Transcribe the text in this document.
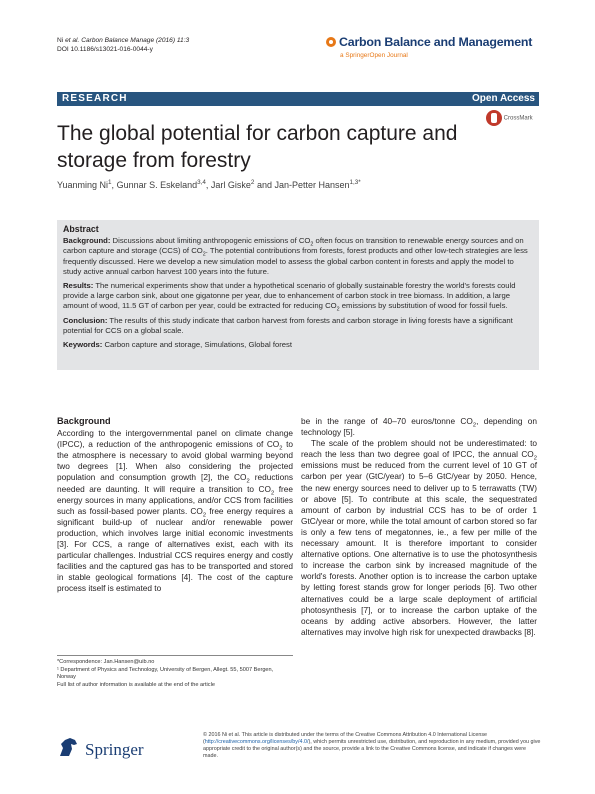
Ni et al. Carbon Balance Manage (2016) 11:3
DOI 10.1186/s13021-016-0044-y
Carbon Balance and Management
a SpringerOpen Journal
RESEARCH	Open Access
CrossMark
The global potential for carbon capture and storage from forestry
Yuanming Ni$^1$, Gunnar S. Eskeland$^{3,4}$, Jarl Giske$^2$ and Jan‑Petter Hansen$^{1,3*}$
Abstract

Background: Discussions about limiting anthropogenic emissions of $CO_2$ often focus on transition to renewable energy sources and on carbon capture and storage (CCS) of $CO_2$. The potential contributions from forests, forest products and other low-tech strategies are less frequently discussed. Here we develop a new simulation model to assess the global carbon content in forests and apply the model to study active annual carbon harvest 100 years into the future.

Results: The numerical experiments show that under a hypothetical scenario of globally sustainable forestry the world's forests could provide a large carbon sink, about one gigatonne per year, due to enhancement of carbon stock in tree biomass. In addition, a large amount of wood, 11.5 GT of carbon per year, could be extracted for reducing $CO_2$ emissions by substitution of wood for fossil fuels.

Conclusion: The results of this study indicate that carbon harvest from forests and carbon storage in living forests have a significant potential for CCS on a global scale.

Keywords: Carbon capture and storage, Simulations, Global forest

Background

According to the intergovernmental panel on climate change (IPCC), a reduction of the anthropogenic emissions of $CO_2$ to the atmosphere is necessary to avoid global warming beyond two degrees [1]. When also considering the projected population and consumption growth [2], the $CO_2$ reductions needed are daunting. It will require a transition to $CO_2$ free energy sources in many applications, and/or CCS from facilities such as fossil-based power plants. $CO_2$ free energy requires a significant build-up of nuclear and/or renewable power production, which involves large initial economic investments [3]. For CCS, a range of alternatives exist, each with its particular challenges. Industrial CCS requires energy and costly facilities and the captured gas has to be transported and stored in stable geological formations [4]. The cost of the capture process itself is estimated to

be in the range of 40–70 euros/tonne $CO_2$, depending on technology [5].

The scale of the problem should not be underestimated: to reach the less than two degree goal of IPCC, the annual $CO_2$ emissions must be reduced from the current level of 10 GT of carbon per year (GtC/year) to 5–6 GtC/year by 2050. Hence, the new energy sources need to deliver up to 5 terrawatts (TW) or above [5]. To contribute at this scale, the sequestrated amount of carbon by industrial CCS has to be of order 1 GtC/year or more, while the total amount of carbon stored so far is only a few tens of megatonnes, ie., a few per mille of the necessary amount. It is therefore important to consider alternative options. One alternative is to use the photosynthesis to increase the carbon sink by increased magnitude of the world's forests. Another option is to increase the carbon uptake by letting forest stands grow for longer periods [6]. Two other alternatives could be a large scale deployment of artificial photosynthesis [7], or to increase the carbon uptake of the oceans by adding active absorbers. However, the latter alternatives may involve high risk for unexpected drawbacks [8].

*Correspondence: Jan.Hansen@uib.no
¹ Department of Physics and Technology, University of Bergen, Allegt. 55, 5007 Bergen, Norway
Full list of author information is available at the end of the article
Springer
© 2016 Ni et al. This article is distributed under the terms of the Creative Commons Attribution 4.0 International License (http://creativecommons.org/licenses/by/4.0/), which permits unrestricted use, distribution, and reproduction in any medium, provided you give appropriate credit to the original author(s) and the source, provide a link to the Creative Commons license, and indicate if changes were made.
